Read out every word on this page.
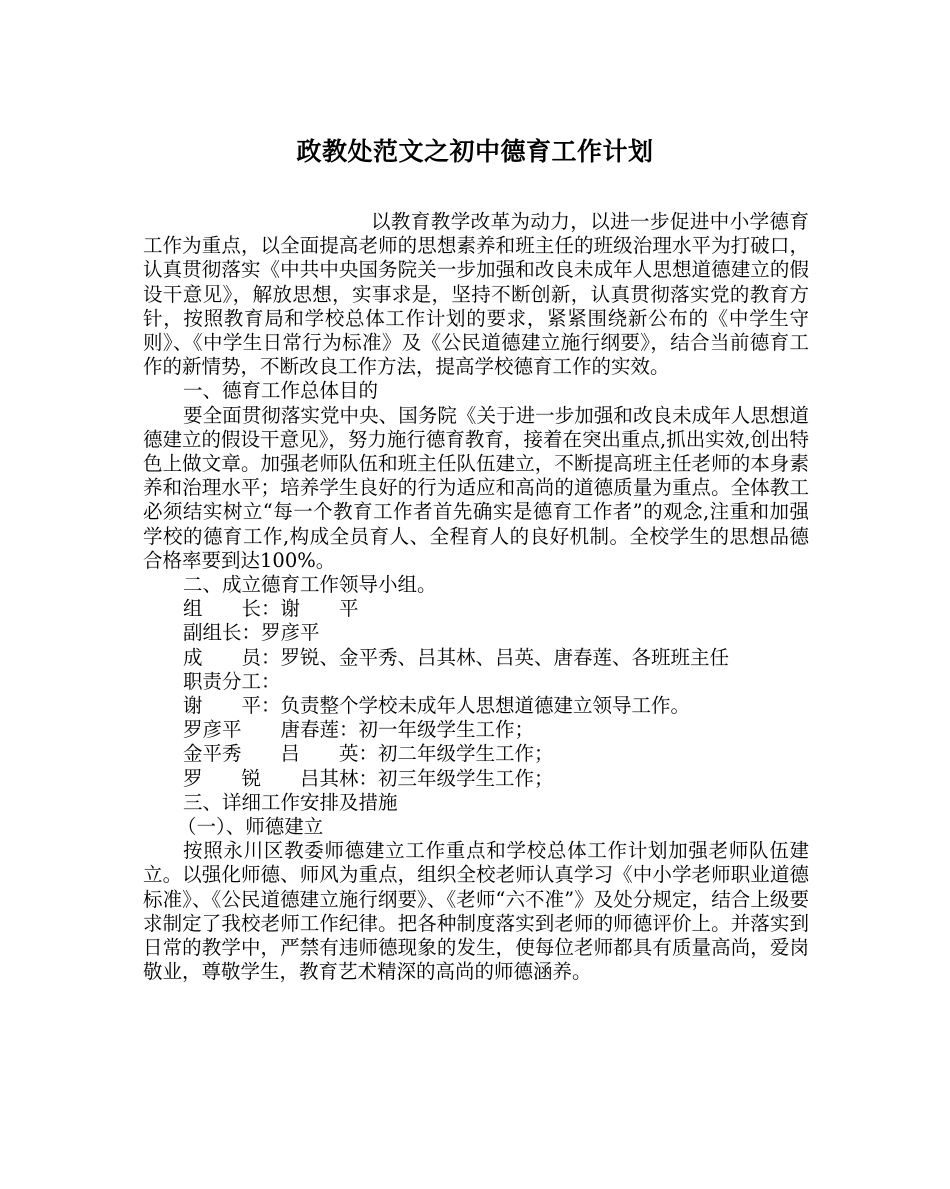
政教处范文之初中德育工作计划

以教育教学改革为动力，以进一步促进中小学德育工作为重点，以全面提高老师的思想素养和班主任的班级治理水平为打破口，认真贯彻落实《中共中央国务院关一步加强和改良未成年人思想道德建立的假设干意见》，解放思想，实事求是，坚持不断创新，认真贯彻落实党的教育方针，按照教育局和学校总体工作计划的要求，紧紧围绕新公布的《中学生守则》、《中学生日常行为标准》及《公民道德建立施行纲要》，结合当前德育工作的新情势，不断改良工作方法，提高学校德育工作的实效。

一、德育工作总体目的

要全面贯彻落实党中央、国务院《关于进一步加强和改良未成年人思想道德建立的假设干意见》，努力施行德育教育，接着在突出重点,抓出实效,创出特色上做文章。加强老师队伍和班主任队伍建立，不断提高班主任老师的本身素养和治理水平；培养学生良好的行为适应和高尚的道德质量为重点。全体教工必须结实树立“每一个教育工作者首先确实是德育工作者”的观念,注重和加强学校的德育工作,构成全员育人、全程育人的良好机制。全校学生的思想品德合格率要到达100%。

二、成立德育工作领导小组。

组　　长：谢　　平

副组长：罗彦平

成　　员：罗锐、金平秀、吕其林、吕英、唐春莲、各班班主任

职责分工：

谢　　平：负责整个学校未成年人思想道德建立领导工作。

罗彦平　　唐春莲：初一年级学生工作；

金平秀　　吕　　英：初二年级学生工作；

罗　　锐　　吕其林：初三年级学生工作；

三、详细工作安排及措施

（一）、师德建立

按照永川区教委师德建立工作重点和学校总体工作计划加强老师队伍建立。以强化师德、师风为重点，组织全校老师认真学习《中小学老师职业道德标准》、《公民道德建立施行纲要》、《老师“六不准”》及处分规定，结合上级要求制定了我校老师工作纪律。把各种制度落实到老师的师德评价上。并落实到日常的教学中，严禁有违师德现象的发生，使每位老师都具有质量高尚，爱岗敬业，尊敬学生，教育艺术精深的高尚的师德涵养。
